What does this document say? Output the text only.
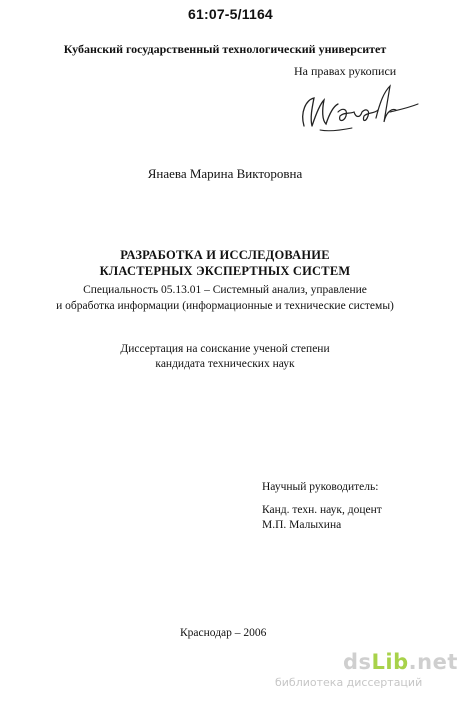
61:07-5/1164
Кубанский государственный технологический университет
На правах рукописи
Янаева Марина Викторовна
РАЗРАБОТКА И ИССЛЕДОВАНИЕ
КЛАСТЕРНЫХ ЭКСПЕРТНЫХ СИСТЕМ
Специальность 05.13.01 – Системный анализ, управление
и обработка информации (информационные и технические системы)
Диссертация на соискание ученой степени
кандидата технических наук
Научный руководитель:
Канд. техн. наук, доцент
М.П. Малыхина
Краснодар – 2006
dsLib.net
библиотека диссертаций
